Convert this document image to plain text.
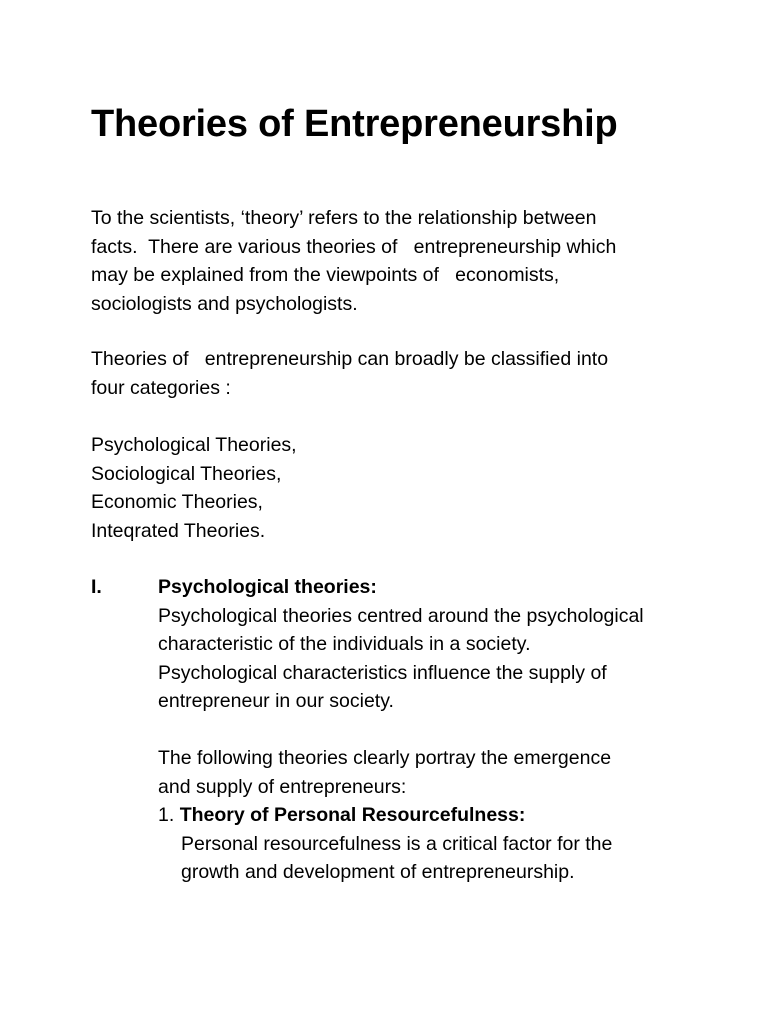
Theories of Entrepreneurship
To the scientists, ‘theory’ refers to the relationship between
facts.  There are various theories of   entrepreneurship which
may be explained from the viewpoints of   economists,
sociologists and psychologists.
Theories of   entrepreneurship can broadly be classified into
four categories :
Psychological Theories,
Sociological Theories,
Economic Theories,
Inteqrated Theories.
I.	Psychological theories:
Psychological theories centred around the psychological
characteristic of the individuals in a society.
Psychological characteristics influence the supply of
entrepreneur in our society.
The following theories clearly portray the emergence
and supply of entrepreneurs:
1. Theory of Personal Resourcefulness:
Personal resourcefulness is a critical factor for the
growth and development of entrepreneurship.
